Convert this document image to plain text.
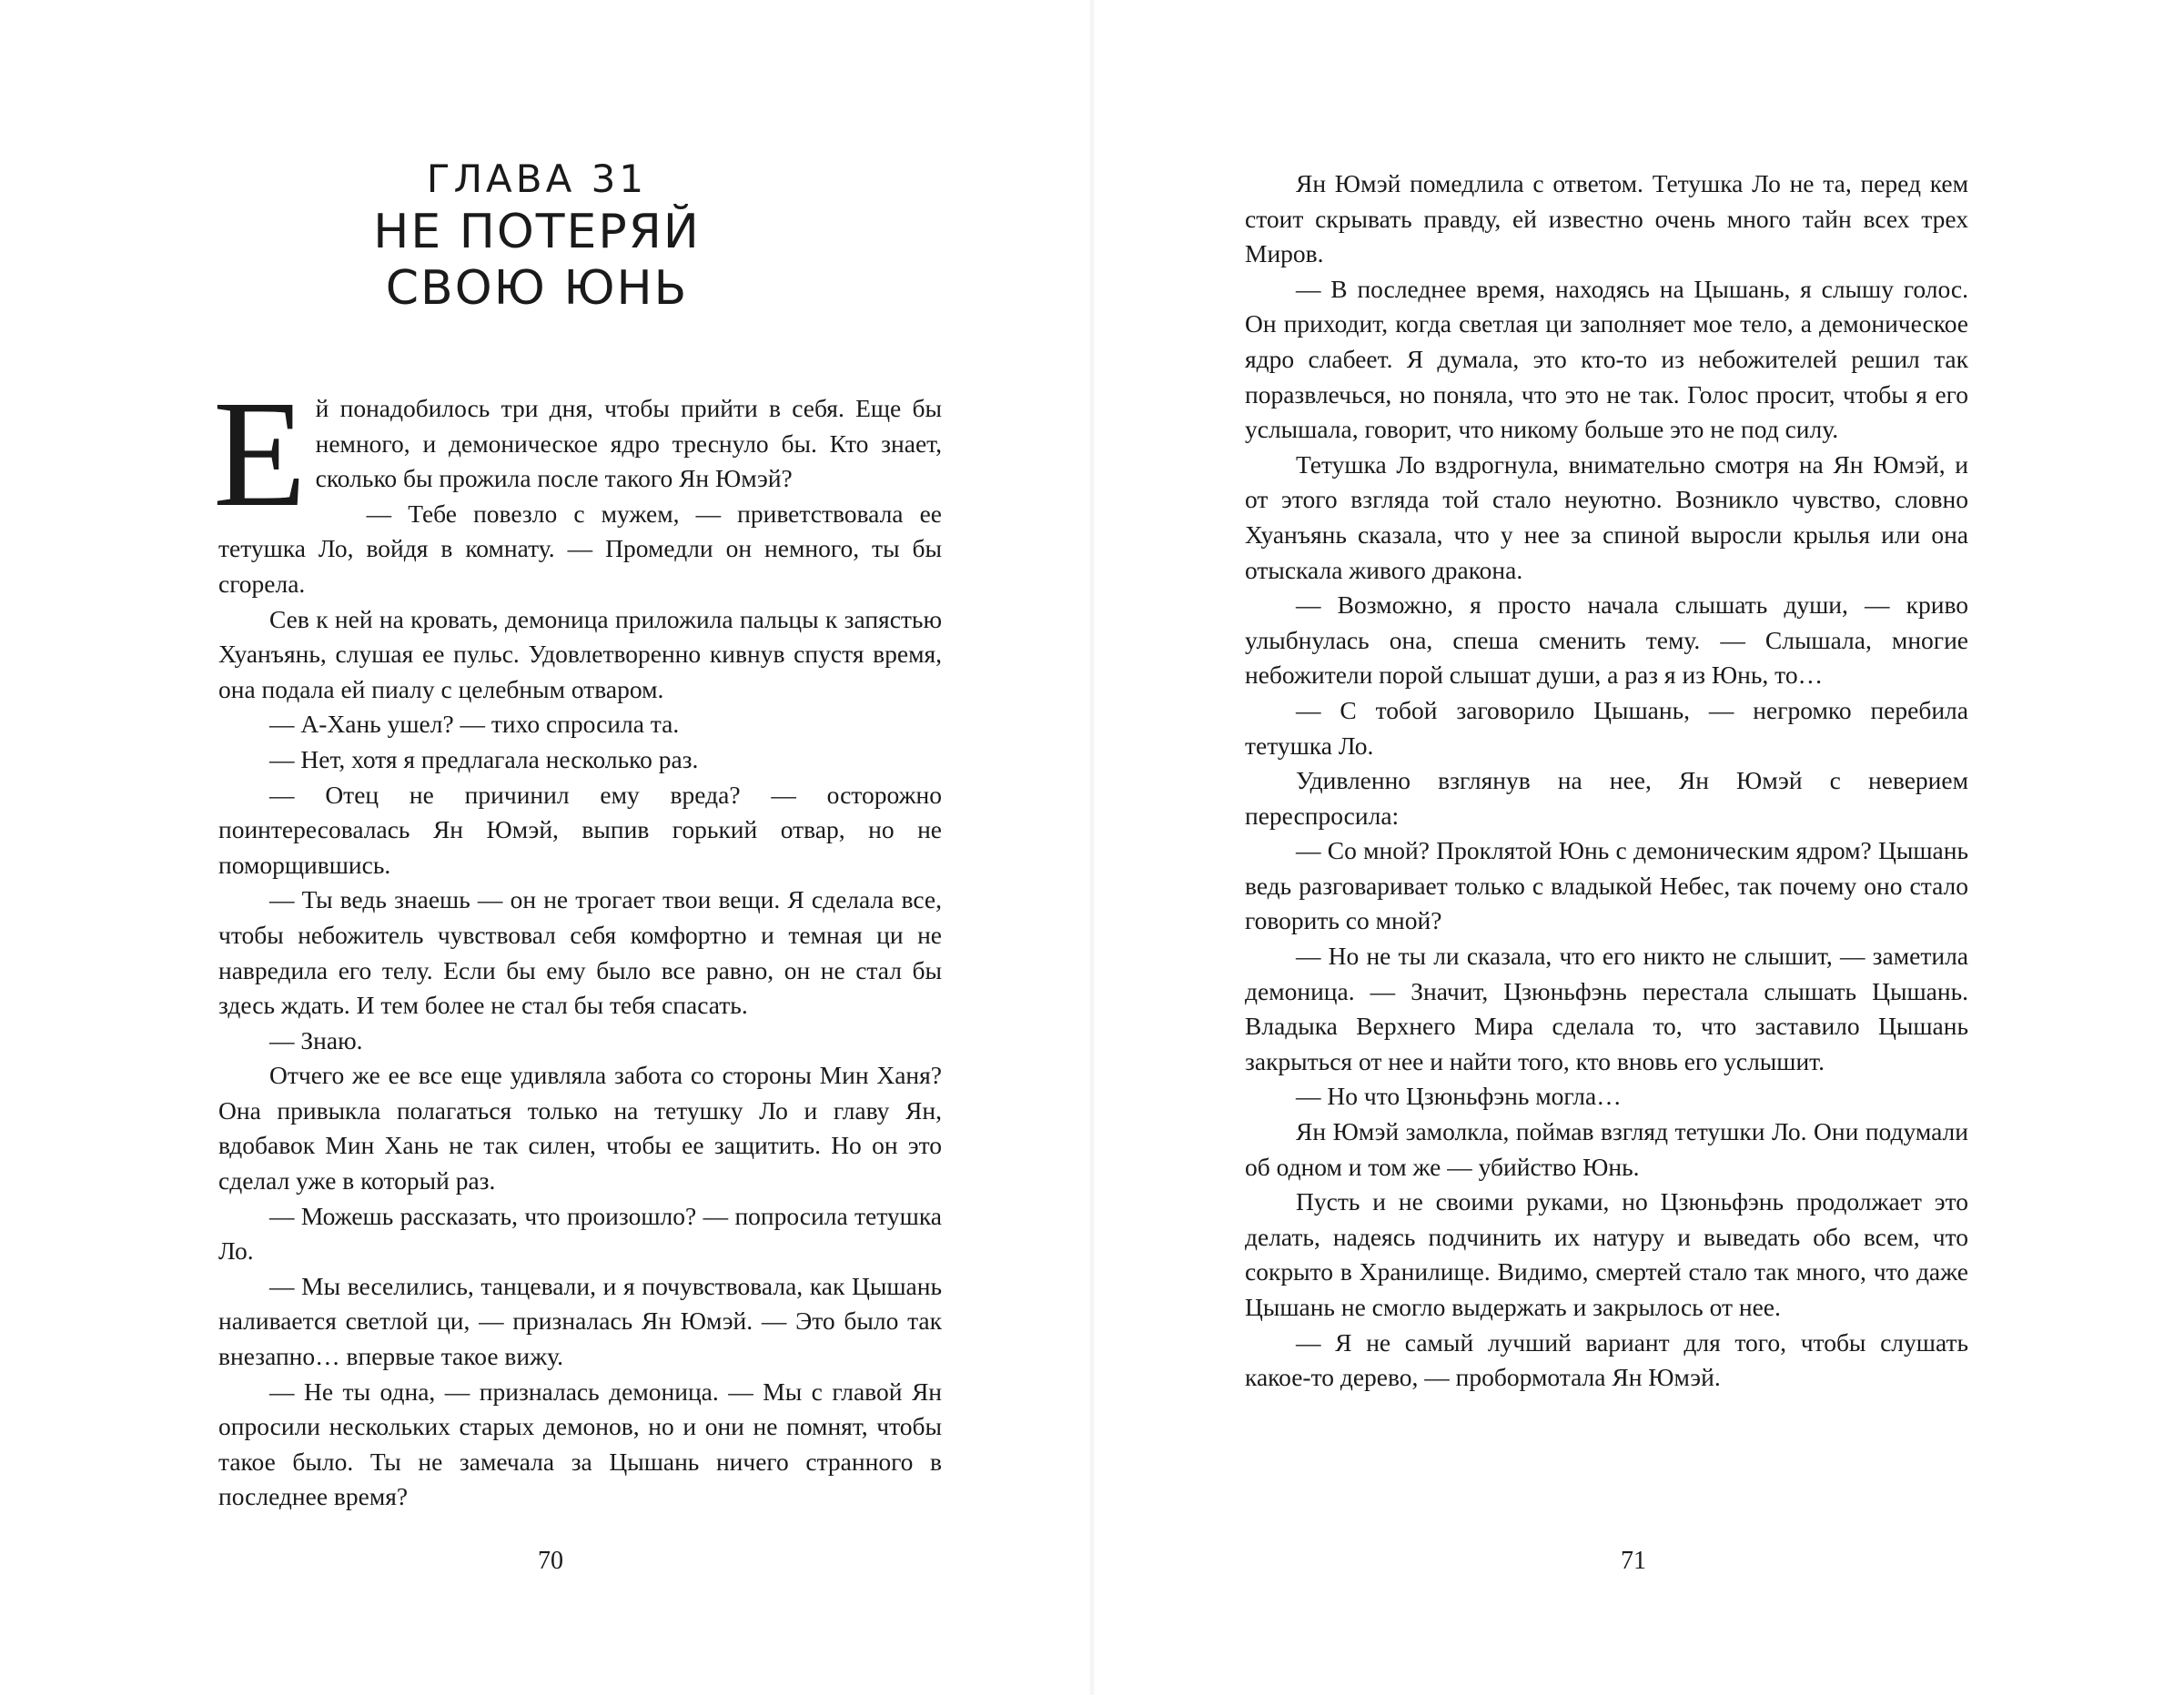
ГЛАВА 31
НЕ ПОТЕРЯЙ
СВОЮ ЮНЬ

Ей понадобилось три дня, чтобы прийти в себя. Еще бы немного, и демоническое ядро треснуло бы. Кто знает, сколько бы прожила после такого Ян Юмэй?

— Тебе повезло с мужем, — приветствовала ее тетушка Ло, войдя в комнату. — Промедли он немного, ты бы сгорела.

Сев к ней на кровать, демоница приложила пальцы к запястью Хуанъянь, слушая ее пульс. Удовлетворенно кивнув спустя время, она подала ей пиалу с целебным отваром.

— А-Хань ушел? — тихо спросила та.

— Нет, хотя я предлагала несколько раз.

— Отец не причинил ему вреда? — осторожно поинтересовалась Ян Юмэй, выпив горький отвар, но не поморщившись.

— Ты ведь знаешь — он не трогает твои вещи. Я сделала все, чтобы небожитель чувствовал себя комфортно и темная ци не навредила его телу. Если бы ему было все равно, он не стал бы здесь ждать. И тем более не стал бы тебя спасать.

— Знаю.

Отчего же ее все еще удивляла забота со стороны Мин Ханя? Она привыкла полагаться только на тетушку Ло и главу Ян, вдобавок Мин Хань не так силен, чтобы ее защитить. Но он это сделал уже в который раз.

— Можешь рассказать, что произошло? — попросила тетушка Ло.

— Мы веселились, танцевали, и я почувствовала, как Цышань наливается светлой ци, — призналась Ян Юмэй. — Это было так внезапно… впервые такое вижу.

— Не ты одна, — призналась демоница. — Мы с главой Ян опросили нескольких старых демонов, но и они не помнят, чтобы такое было. Ты не замечала за Цышань ничего странного в последнее время?

70

Ян Юмэй помедлила с ответом. Тетушка Ло не та, перед кем стоит скрывать правду, ей известно очень много тайн всех трех Миров.

— В последнее время, находясь на Цышань, я слышу голос. Он приходит, когда светлая ци заполняет мое тело, а демоническое ядро слабеет. Я думала, это кто-то из небожителей решил так поразвлечься, но поняла, что это не так. Голос просит, чтобы я его услышала, говорит, что никому больше это не под силу.

Тетушка Ло вздрогнула, внимательно смотря на Ян Юмэй, и от этого взгляда той стало неуютно. Возникло чувство, словно Хуанъянь сказала, что у нее за спиной выросли крылья или она отыскала живого дракона.

— Возможно, я просто начала слышать души, — криво улыбнулась она, спеша сменить тему. — Слышала, многие небожители порой слышат души, а раз я из Юнь, то…

— С тобой заговорило Цышань, — негромко перебила тетушка Ло.

Удивленно взглянув на нее, Ян Юмэй с неверием переспросила:

— Со мной? Проклятой Юнь с демоническим ядром? Цышань ведь разговаривает только с владыкой Небес, так почему оно стало говорить со мной?

— Но не ты ли сказала, что его никто не слышит, — заметила демоница. — Значит, Цзюньфэнь перестала слышать Цышань. Владыка Верхнего Мира сделала то, что заставило Цышань закрыться от нее и найти того, кто вновь его услышит.

— Но что Цзюньфэнь могла…

Ян Юмэй замолкла, поймав взгляд тетушки Ло. Они подумали об одном и том же — убийство Юнь.

Пусть и не своими руками, но Цзюньфэнь продолжает это делать, надеясь подчинить их натуру и выведать обо всем, что сокрыто в Хранилище. Видимо, смертей стало так много, что даже Цышань не смогло выдержать и закрылось от нее.

— Я не самый лучший вариант для того, чтобы слушать какое-то дерево, — пробормотала Ян Юмэй.

71
